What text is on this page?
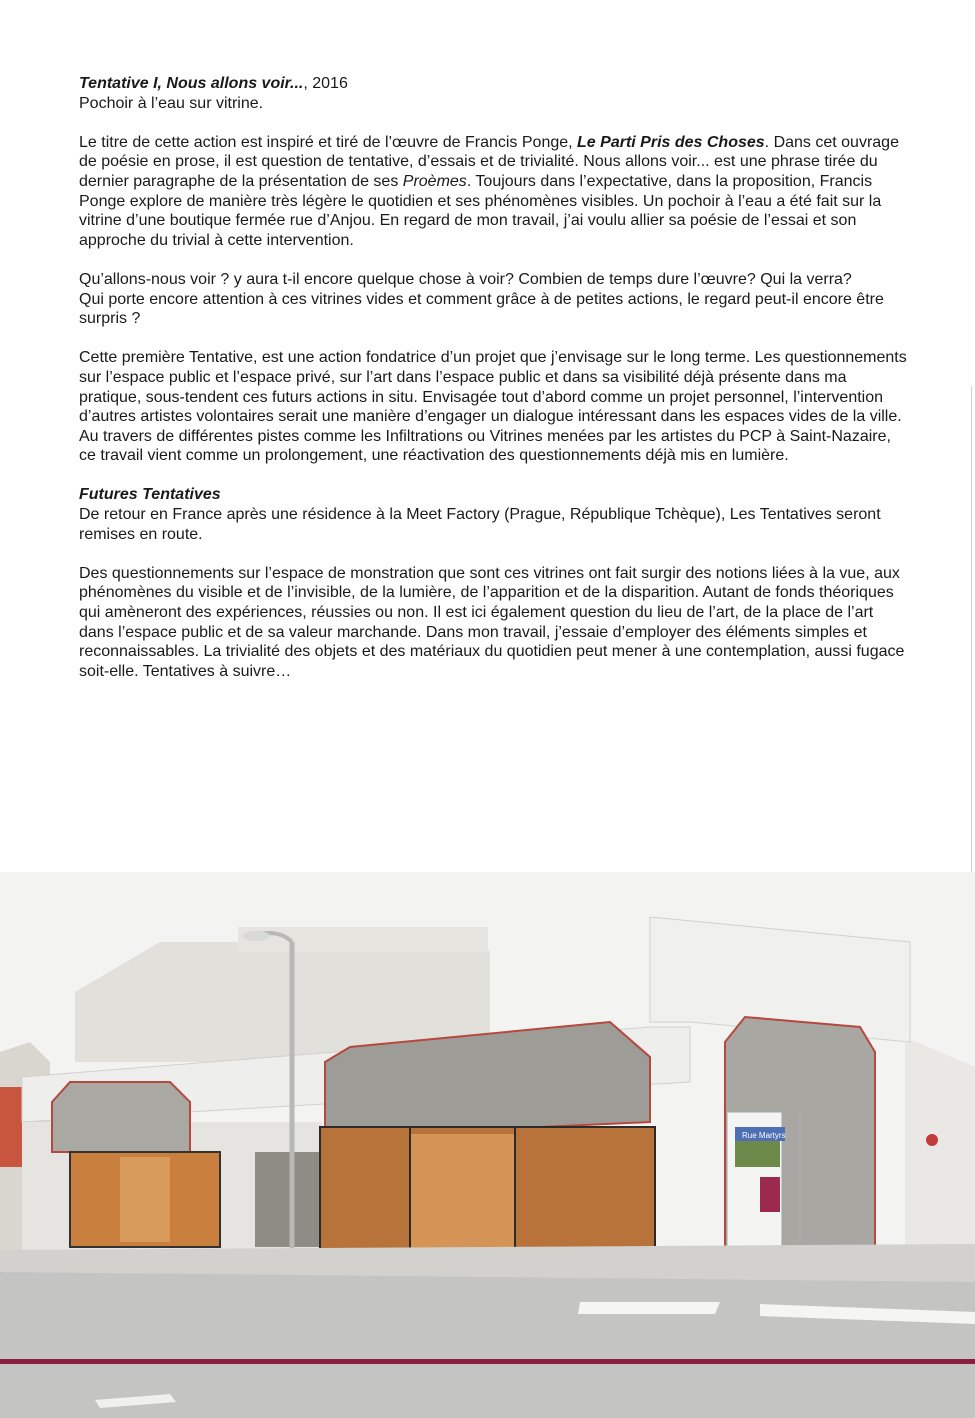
Tentative I, Nous allons voir..., 2016
Pochoir à l’eau sur vitrine.

Le titre de cette action est inspiré et tiré de l’œuvre de Francis Ponge, Le Parti Pris des Choses. Dans cet ouvrage de poésie en prose, il est question de tentative, d’essais et de trivialité. Nous allons voir... est une phrase tirée du dernier paragraphe de la présentation de ses Proèmes. Toujours dans l’expectative, dans la proposition, Francis Ponge explore de manière très légère le quotidien et ses phénomènes visibles. Un pochoir à l’eau a été fait sur la vitrine d’une boutique fermée rue d’Anjou. En regard de mon travail, j’ai voulu allier sa poésie de l’essai et son approche du trivial à cette intervention.

Qu’allons-nous voir ? y aura t-il encore quelque chose à voir? Combien de temps dure l’œuvre? Qui la verra?
Qui porte encore attention à ces vitrines vides et comment grâce à de petites actions, le regard peut-il encore être surpris ?

Cette première Tentative, est une action fondatrice d’un projet que j’envisage sur le long terme. Les questionnements sur l’espace public et l’espace privé, sur l’art dans l’espace public et dans sa visibilité déjà présente dans ma pratique, sous-tendent ces futurs actions in situ. Envisagée tout d’abord comme un projet personnel, l’intervention d’autres artistes volontaires serait une manière d’engager un dialogue intéressant dans les espaces vides de la ville. Au travers de différentes pistes comme les Infiltrations ou Vitrines menées par les artistes du PCP à Saint-Nazaire, ce travail vient comme un prolongement, une réactivation des questionnements déjà mis en lumière.

Futures Tentatives
De retour en France après une résidence à la Meet Factory (Prague, République Tchèque), Les Tentatives seront remises en route.

Des questionnements sur l’espace de monstration que sont ces vitrines ont fait surgir des notions liées à la vue, aux phénomènes du visible et de l’invisible, de la lumière, de l’apparition et de la disparition. Autant de fonds théoriques qui amèneront des expériences, réussies ou non. Il est ici également question du lieu de l’art, de la place de l’art dans l’espace public et de sa valeur marchande. Dans mon travail, j’essaie d’employer des éléments simples et reconnaissables. La trivialité des objets et des matériaux du quotidien peut mener à une contemplation, aussi fugace soit-elle. Tentatives à suivre…

Rue Martyrs
